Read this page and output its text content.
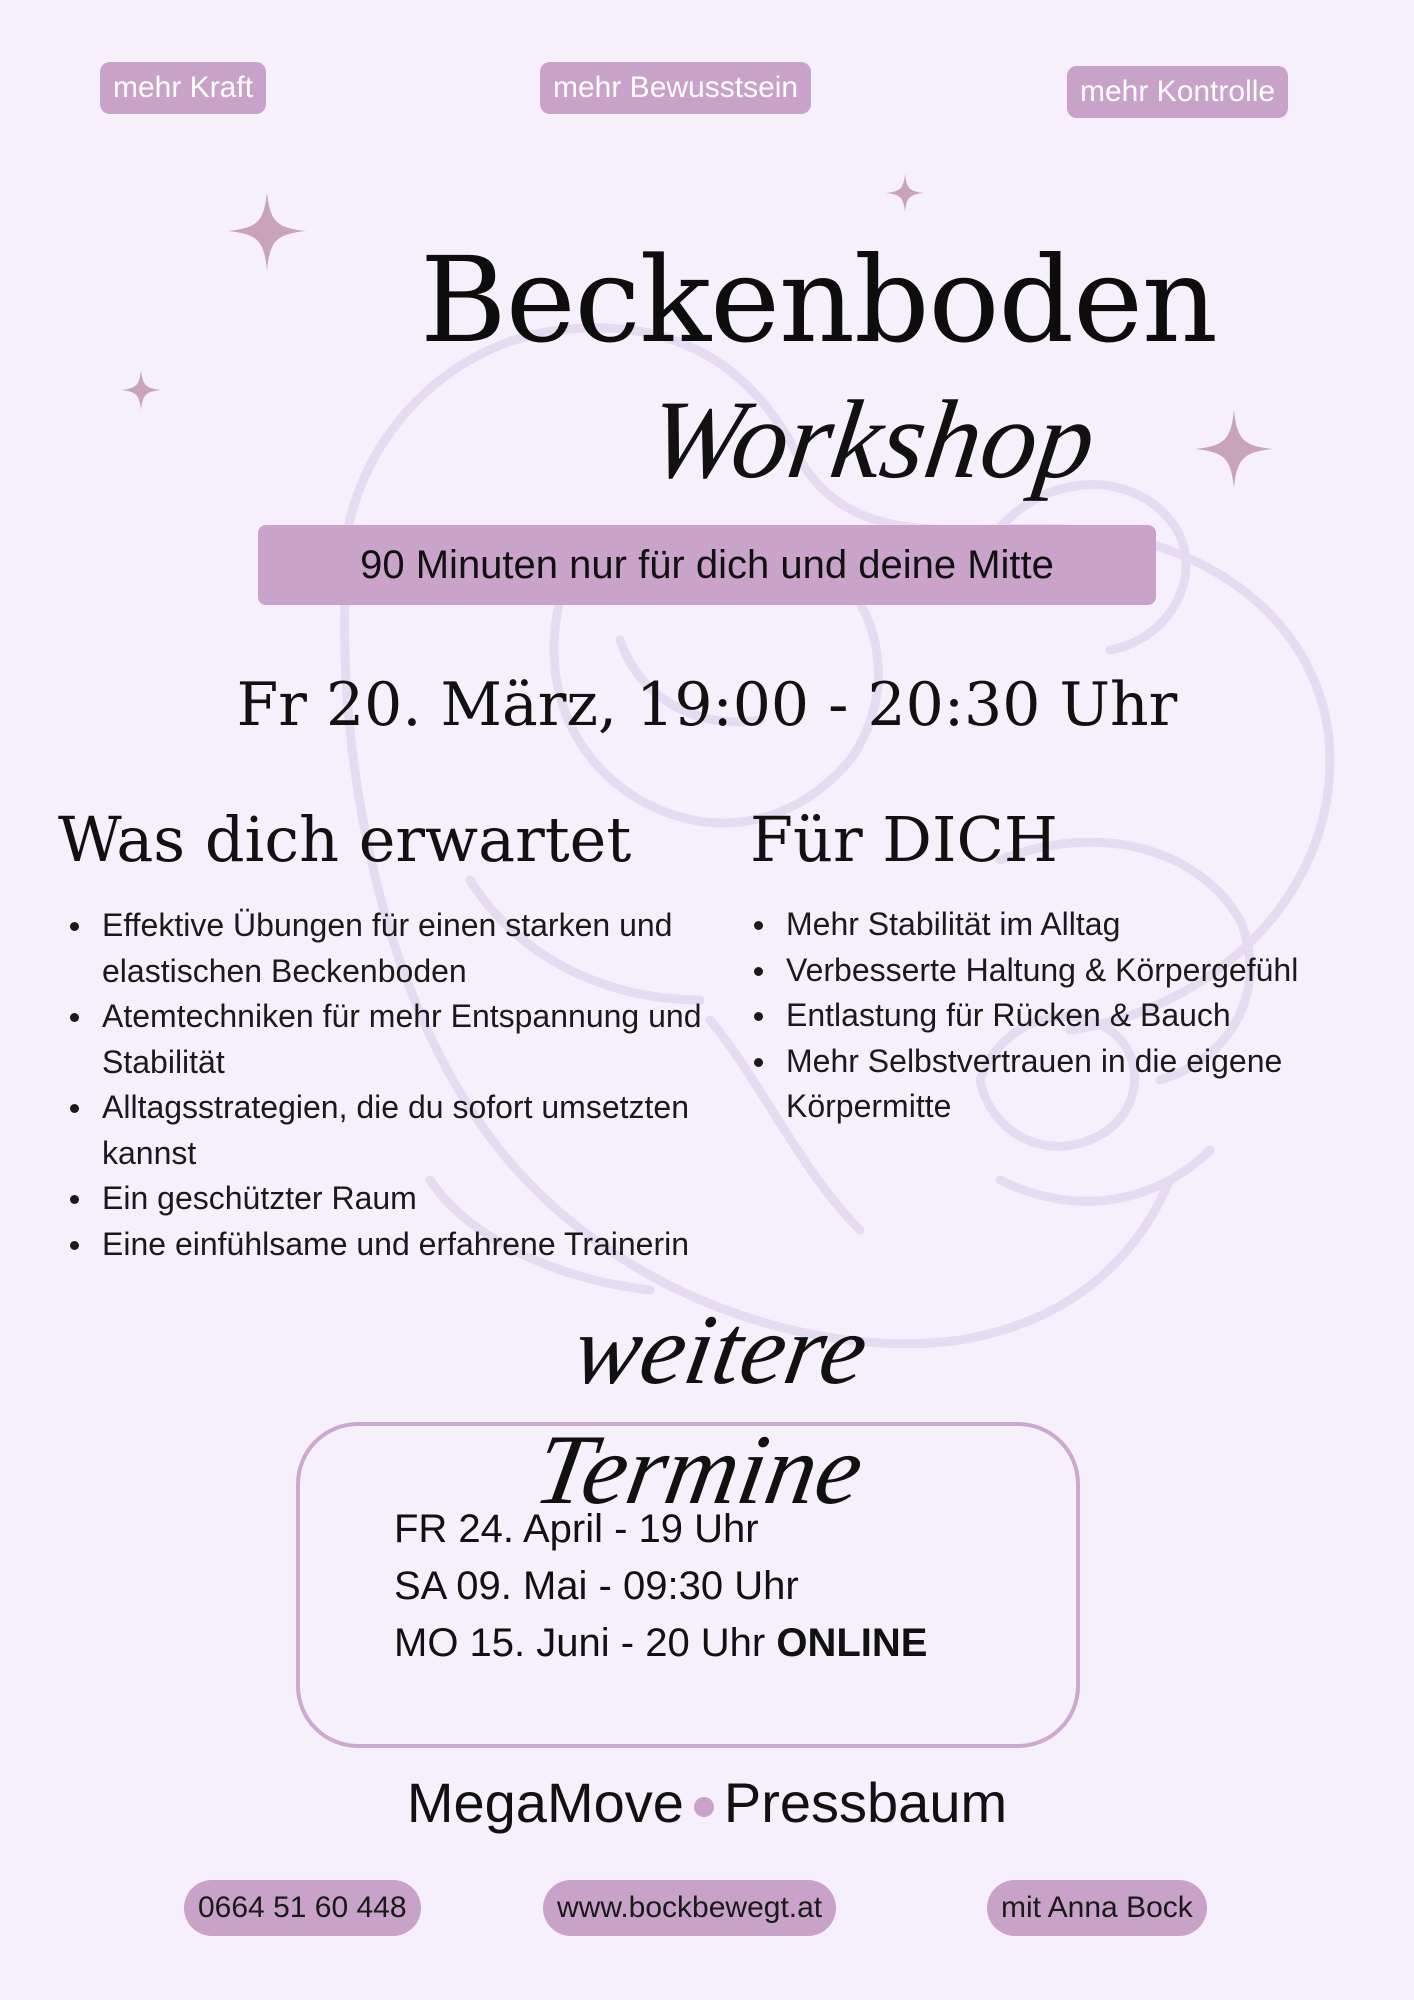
mehr Kraft	mehr Bewusstsein	mehr Kontrolle
Beckenboden
Workshop
90 Minuten nur für dich und deine Mitte
Fr 20. März, 19:00 - 20:30 Uhr
Was dich erwartet
Effektive Übungen für einen starken und elastischen Beckenboden
Atemtechniken für mehr Entspannung und Stabilität
Alltagsstrategien, die du sofort umsetzten kannst
Ein geschützter Raum
Eine einfühlsame und erfahrene Trainerin
Für DICH
Mehr Stabilität im Alltag
Verbesserte Haltung & Körpergefühl
Entlastung für Rücken & Bauch
Mehr Selbstvertrauen in die eigene Körpermitte
weitere Termine
FR 24. April - 19 Uhr
SA 09. Mai - 09:30 Uhr
MO 15. Juni - 20 Uhr ONLINE
MegaMove Pressbaum
0664 51 60 448	www.bockbewegt.at	mit Anna Bock
